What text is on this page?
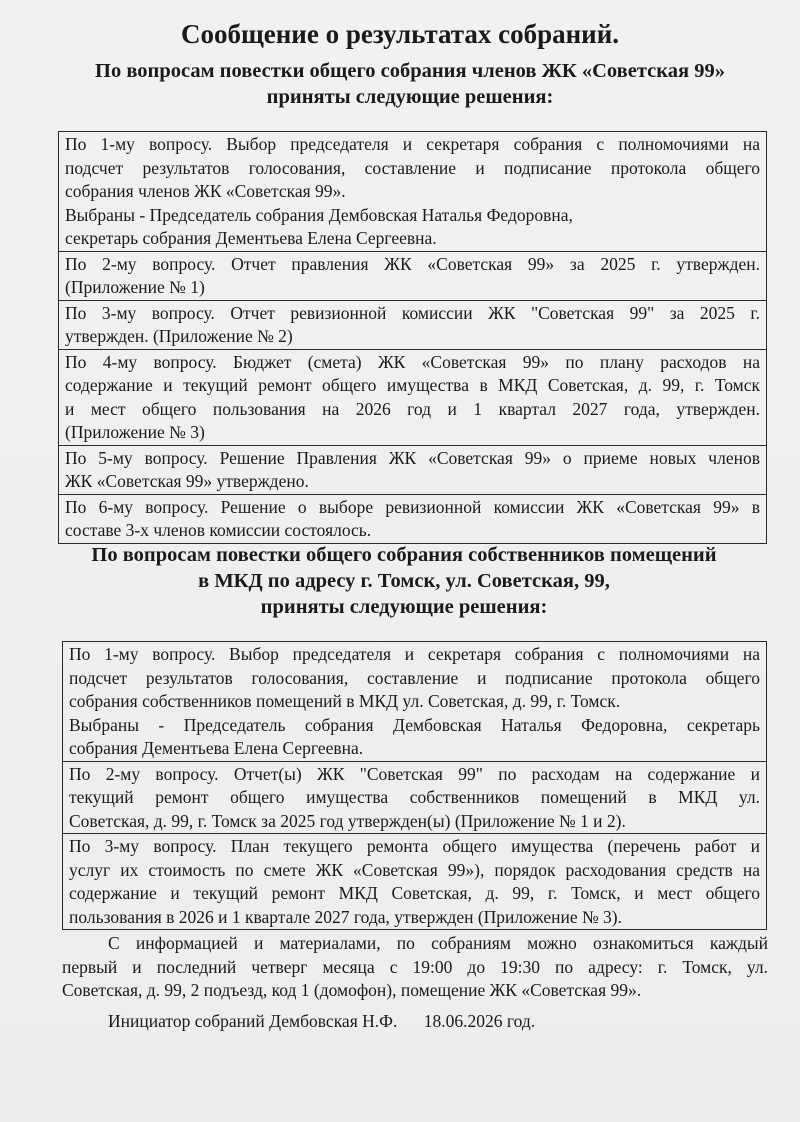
Сообщение о результатах собраний.
По вопросам повестки общего собрания членов ЖК «Советская 99»
приняты следующие решения:
По 1-му вопросу. Выбор председателя и секретаря собрания с полномочиями на
подсчет результатов голосования, составление и подписание протокола общего
собрания членов ЖК «Советская 99».
Выбраны - Председатель собрания Дембовская Наталья Федоровна,
секретарь собрания Дементьева Елена Сергеевна.
По 2-му вопросу. Отчет правления ЖК «Советская 99» за 2025 г. утвержден.
(Приложение № 1)
По 3-му вопросу. Отчет ревизионной комиссии ЖК "Советская 99" за 2025 г.
утвержден. (Приложение № 2)
По 4-му вопросу. Бюджет (смета) ЖК «Советская 99» по плану расходов на
содержание и текущий ремонт общего имущества в МКД Советская, д. 99, г. Томск
и мест общего пользования на 2026 год и 1 квартал 2027 года, утвержден.
(Приложение № 3)
По 5-му вопросу. Решение Правления ЖК «Советская 99» о приеме новых членов
ЖК «Советская 99» утверждено.
По 6-му вопросу. Решение о выборе ревизионной комиссии ЖК «Советская 99» в
составе 3-х членов комиссии состоялось.
По вопросам повестки общего собрания собственников помещений
в МКД по адресу г. Томск, ул. Советская, 99,
приняты следующие решения:
По 1-му вопросу. Выбор председателя и секретаря собрания с полномочиями на
подсчет результатов голосования, составление и подписание протокола общего
собрания собственников помещений в МКД ул. Советская, д. 99, г. Томск.
Выбраны - Председатель собрания Дембовская Наталья Федоровна, секретарь
собрания Дементьева Елена Сергеевна.
По 2-му вопросу. Отчет(ы) ЖК "Советская 99" по расходам на содержание и
текущий ремонт общего имущества собственников помещений в МКД ул.
Советская, д. 99, г. Томск за 2025 год утвержден(ы) (Приложение № 1 и 2).
По 3-му вопросу. План текущего ремонта общего имущества (перечень работ и
услуг их стоимость по смете ЖК «Советская 99»), порядок расходования средств на
содержание и текущий ремонт МКД Советская, д. 99, г. Томск, и мест общего
пользования в 2026 и 1 квартале 2027 года, утвержден (Приложение № 3).
С информацией и материалами, по собраниям можно ознакомиться каждый
первый и последний четверг месяца с 19:00 до 19:30 по адресу: г. Томск, ул.
Советская, д. 99, 2 подъезд, код 1 (домофон), помещение ЖК «Советская 99».
Инициатор собраний Дембовская Н.Ф. 18.06.2026 год.
